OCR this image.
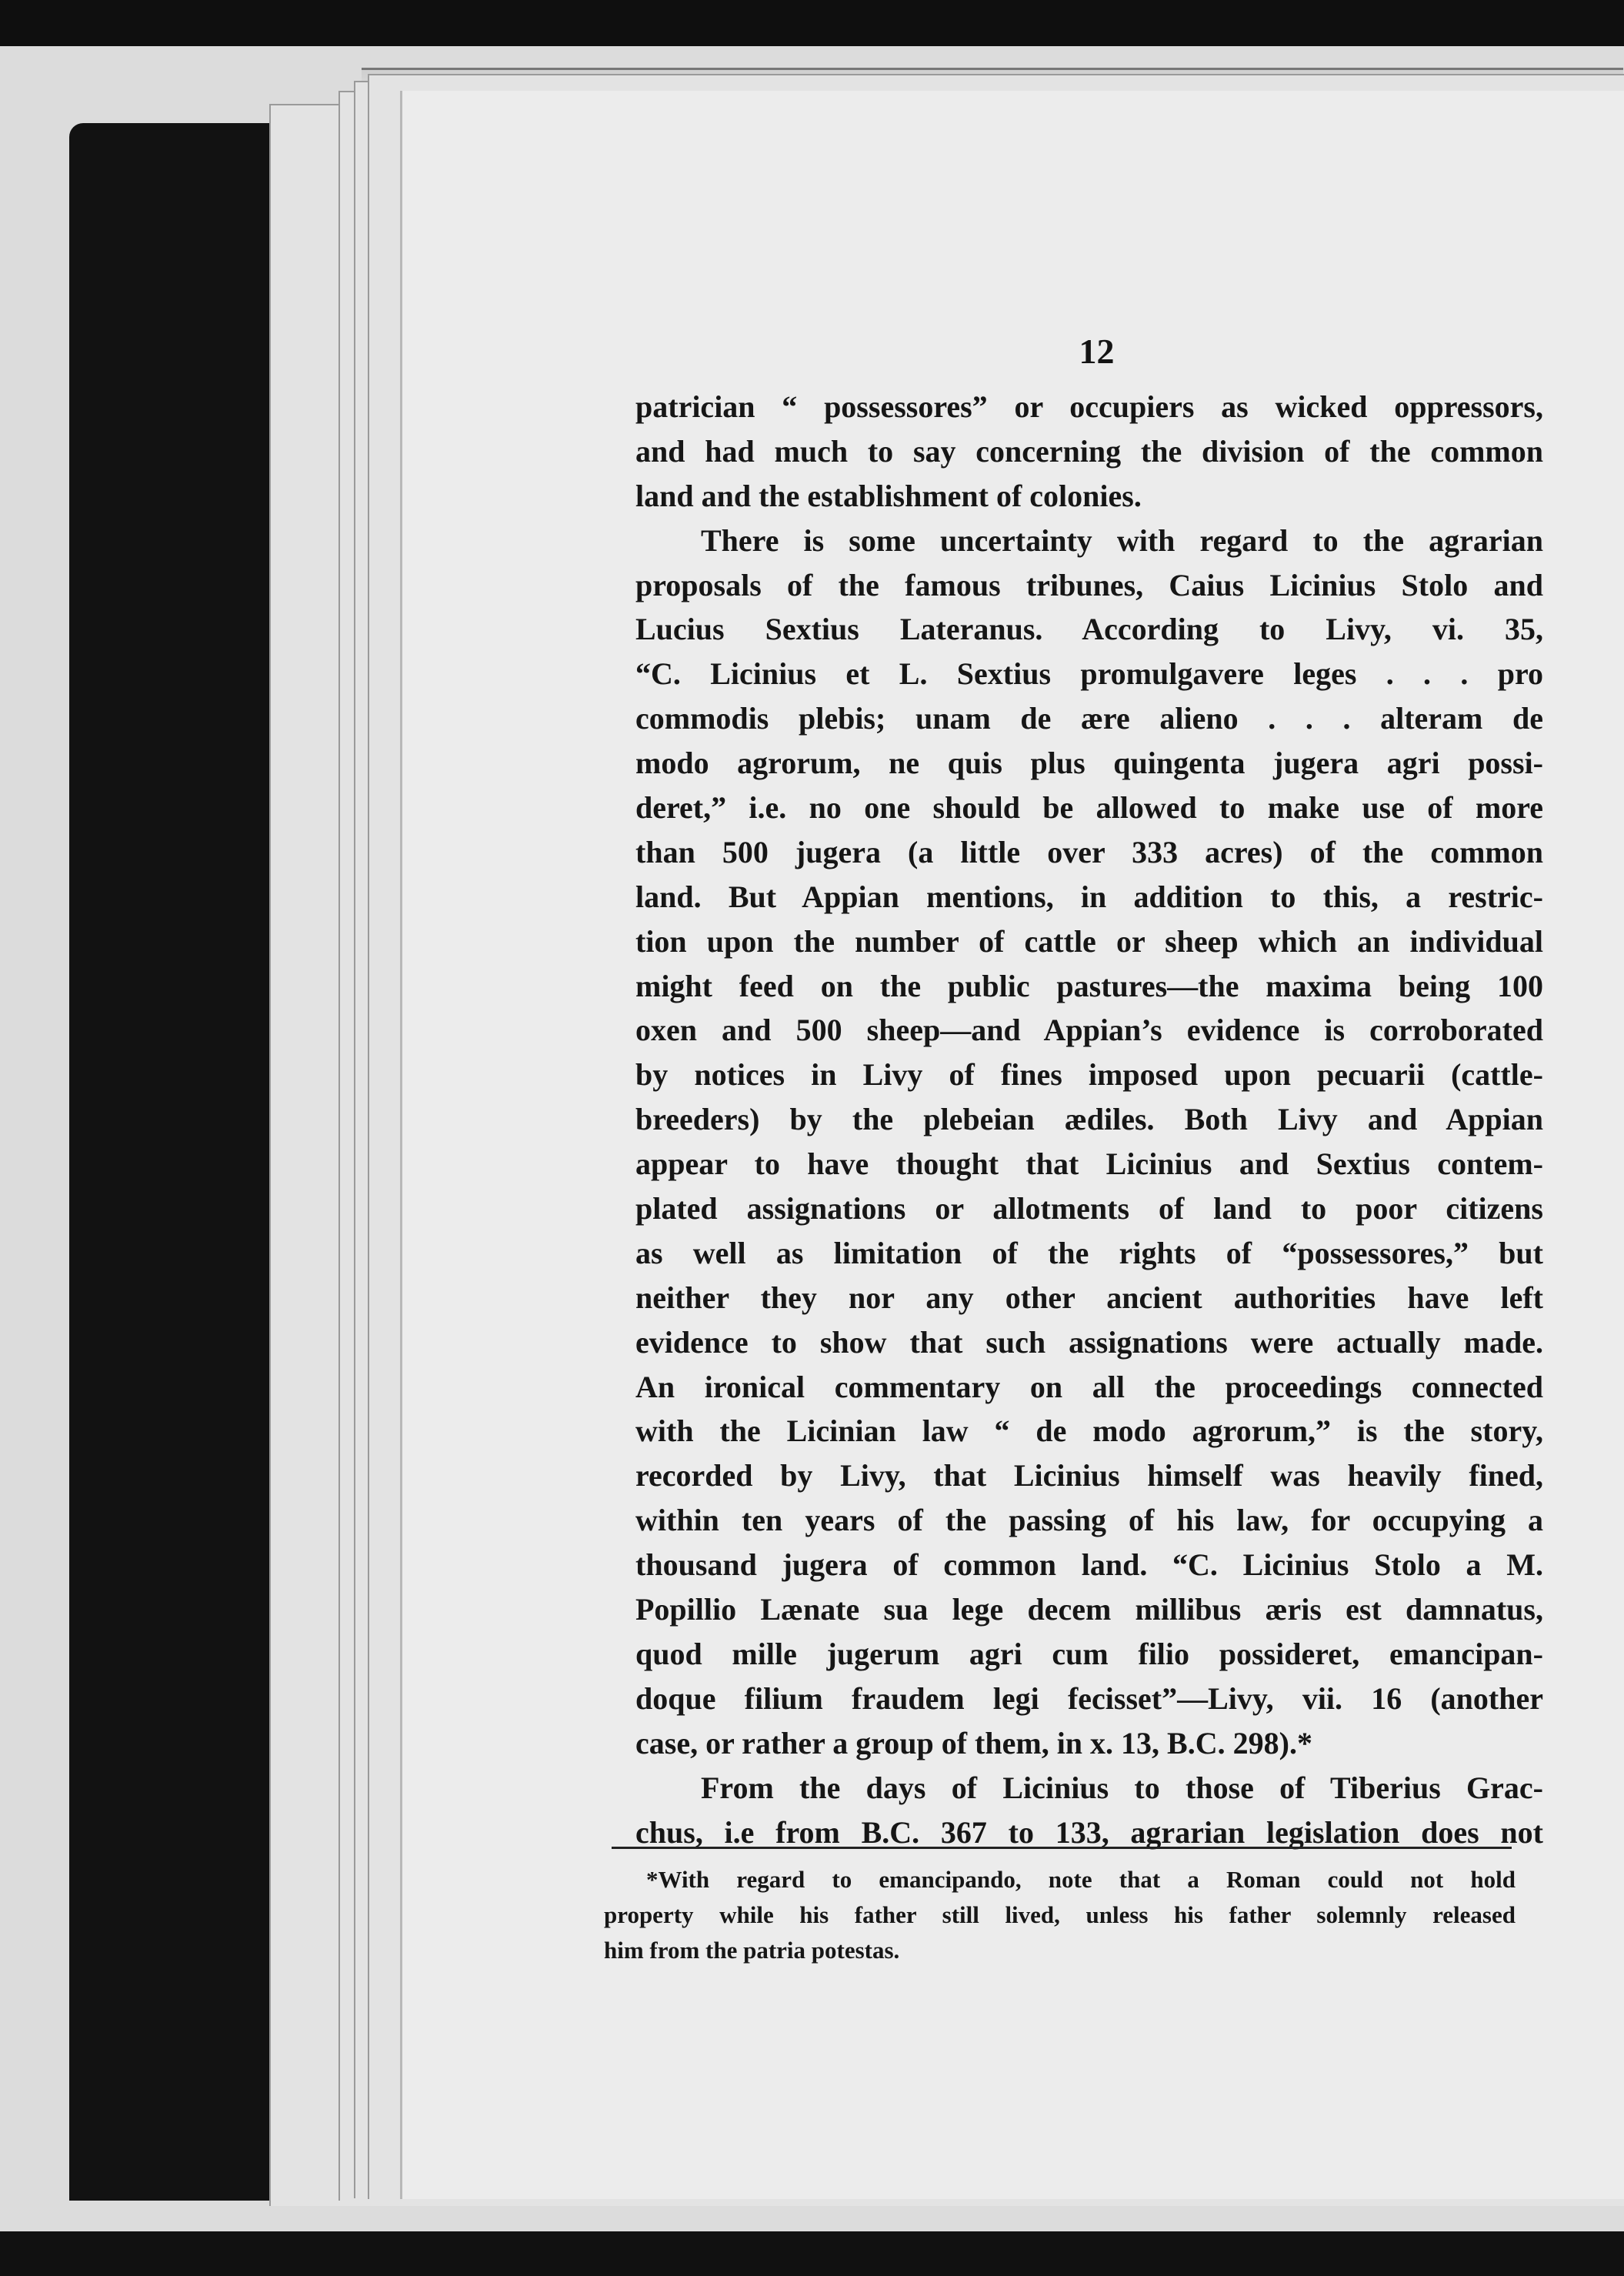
12
patrician “ possessores” or occupiers as wicked oppressors,
and had much to say concerning the division of the common
land and the establishment of colonies.
There is some uncertainty with regard to the agrarian
proposals of the famous tribunes, Caius Licinius Stolo and
Lucius Sextius Lateranus. According to Livy, vi. 35,
“C. Licinius et L. Sextius promulgavere leges . . . pro
commodis plebis; unam de ære alieno . . . alteram de
modo agrorum, ne quis plus quingenta jugera agri possi-
deret,” i.e. no one should be allowed to make use of more
than 500 jugera (a little over 333 acres) of the common
land. But Appian mentions, in addition to this, a restric-
tion upon the number of cattle or sheep which an individual
might feed on the public pastures—the maxima being 100
oxen and 500 sheep—and Appian’s evidence is corroborated
by notices in Livy of fines imposed upon pecuarii (cattle-
breeders) by the plebeian ædiles. Both Livy and Appian
appear to have thought that Licinius and Sextius contem-
plated assignations or allotments of land to poor citizens
as well as limitation of the rights of “possessores,” but
neither they nor any other ancient authorities have left
evidence to show that such assignations were actually made.
An ironical commentary on all the proceedings connected
with the Licinian law “ de modo agrorum,” is the story,
recorded by Livy, that Licinius himself was heavily fined,
within ten years of the passing of his law, for occupying a
thousand jugera of common land. “C. Licinius Stolo a M.
Popillio Lænate sua lege decem millibus æris est damnatus,
quod mille jugerum agri cum filio possideret, emancipan-
doque filium fraudem legi fecisset”—Livy, vii. 16 (another
case, or rather a group of them, in x. 13, B.C. 298).*
From the days of Licinius to those of Tiberius Grac-
chus, i.e from B.C. 367 to 133, agrarian legislation does not
*With regard to emancipando, note that a Roman could not hold
property while his father still lived, unless his father solemnly released
him from the patria potestas.
